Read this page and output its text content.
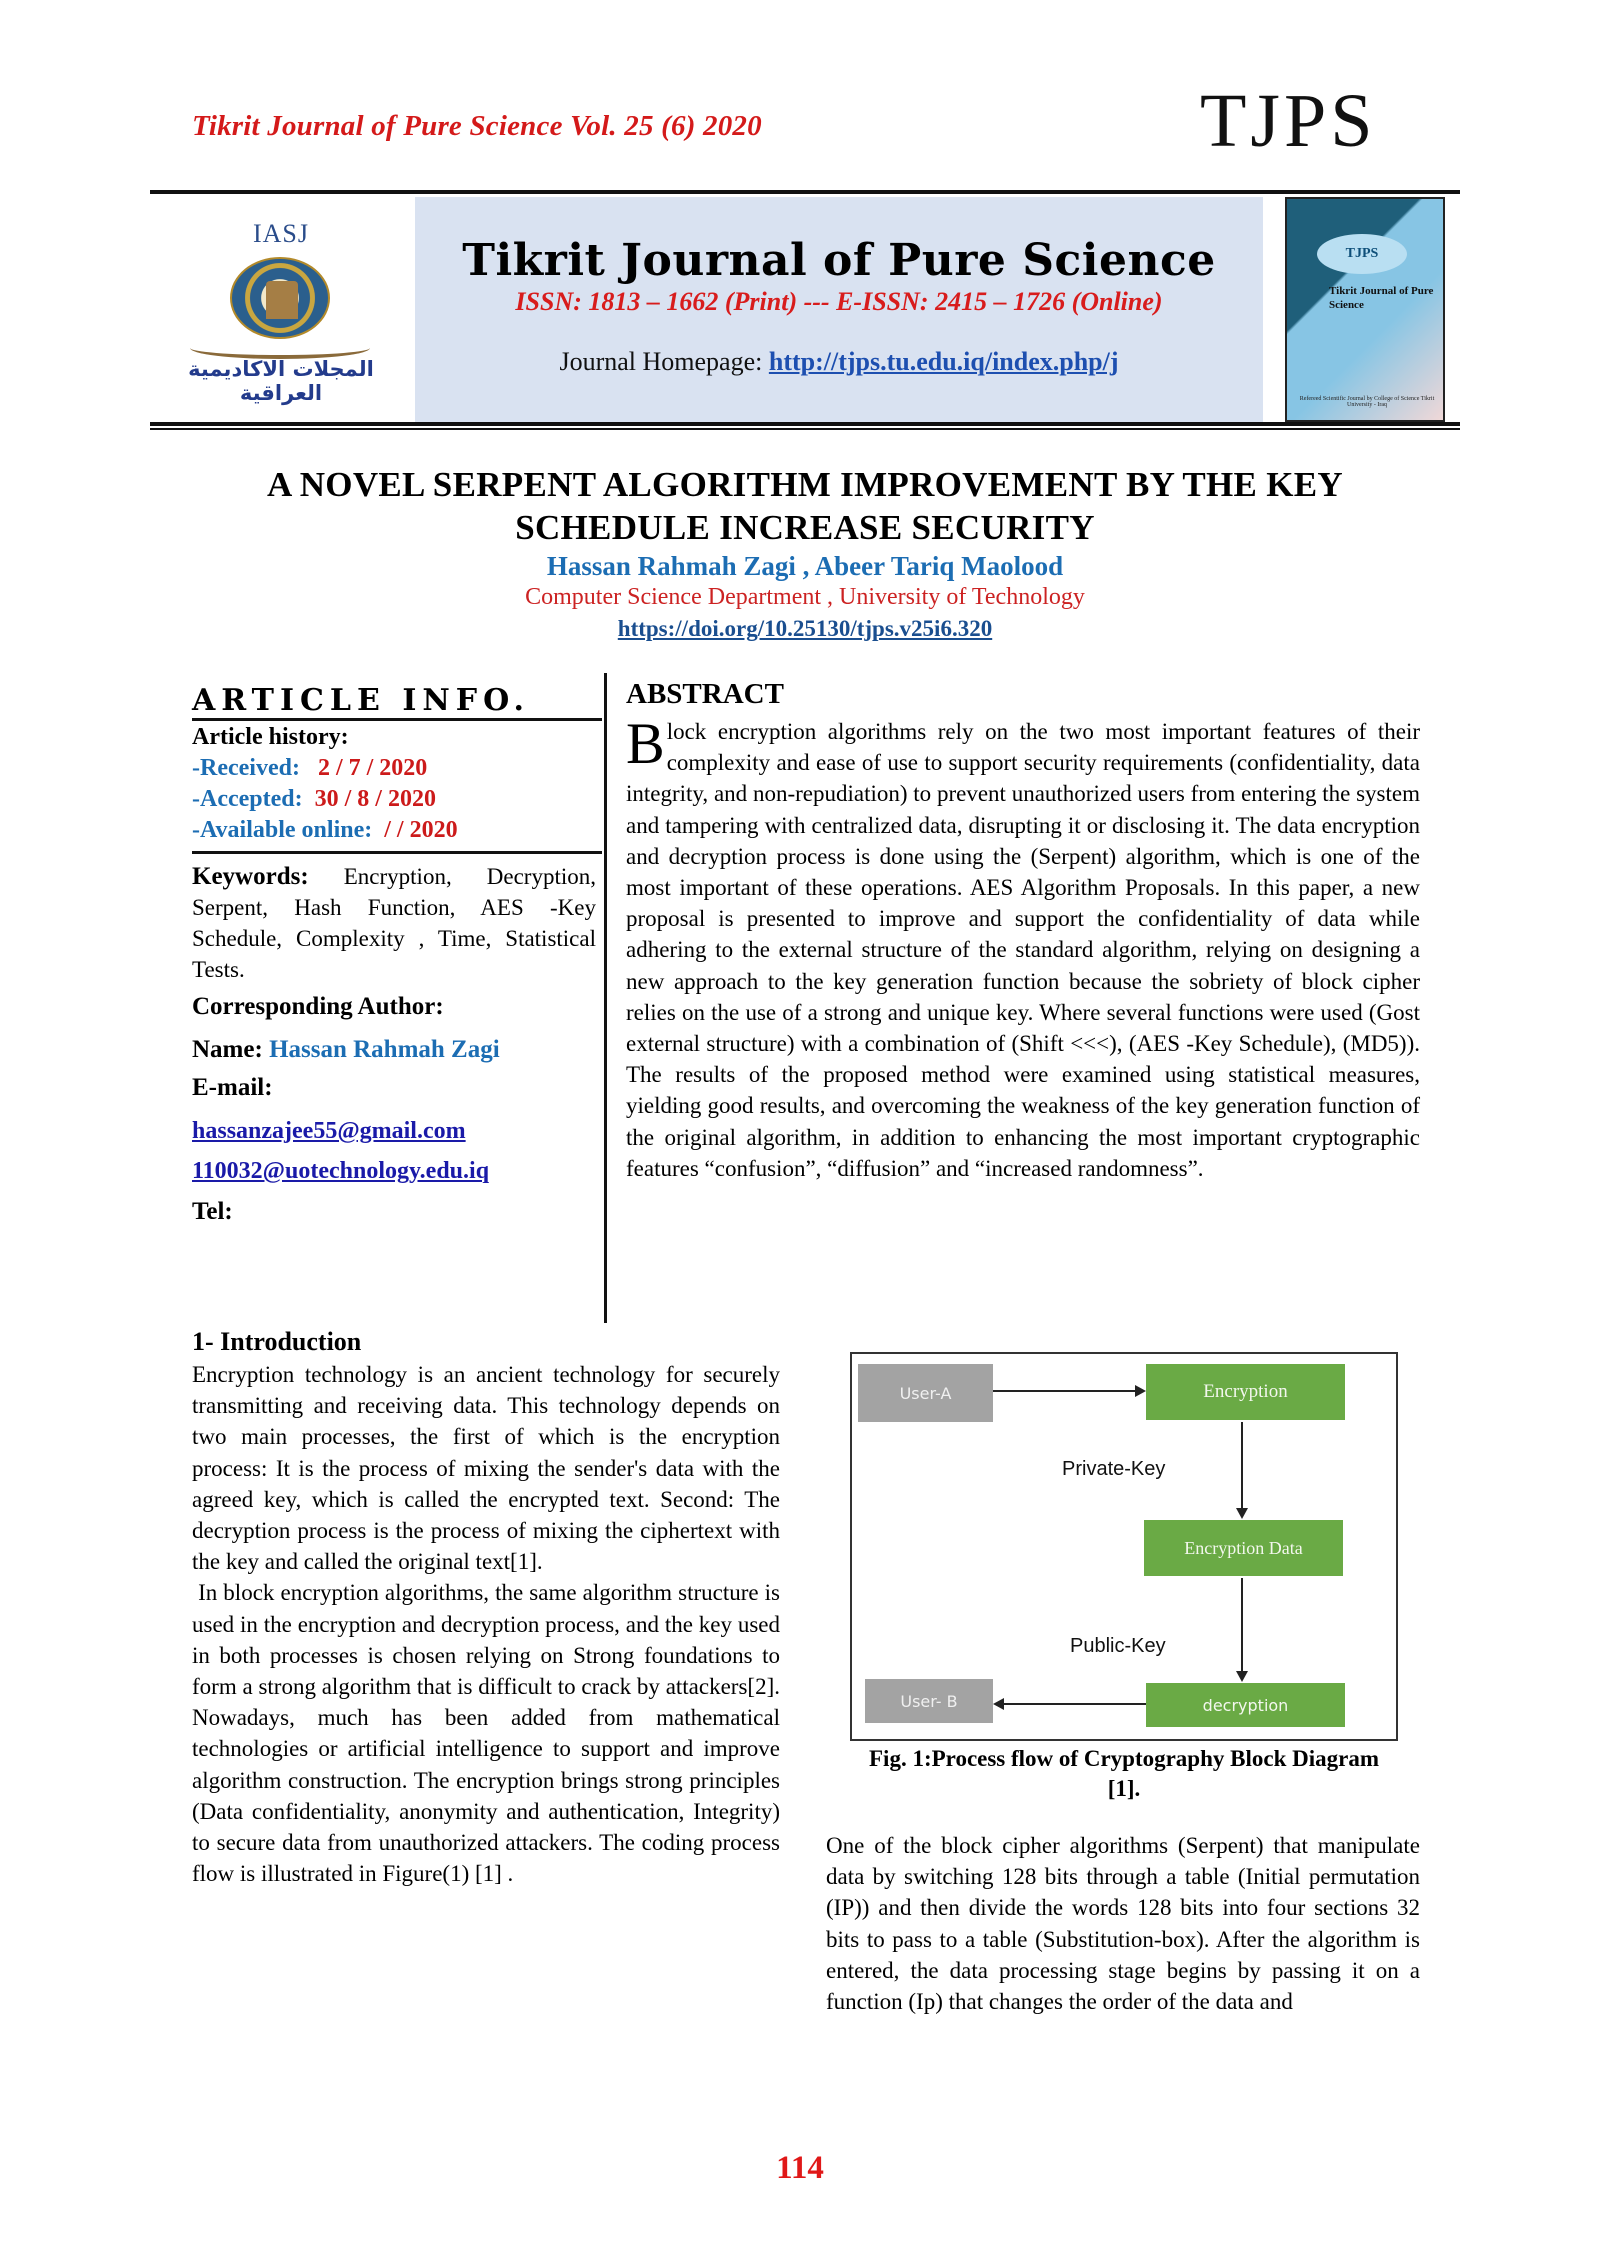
Tikrit Journal of Pure Science Vol. 25 (6) 2020	TJPS
IASJ
المجلات الاكاديمية العراقية
Tikrit Journal of Pure Science
ISSN: 1813 – 1662 (Print) --- E-ISSN: 2415 – 1726 (Online)
Journal Homepage: http://tjps.tu.edu.iq/index.php/j
TJPS
Tikrit Journal of Pure Science
Refereed Scientific Journal by College of Science Tikrit University - Iraq
A NOVEL SERPENT ALGORITHM IMPROVEMENT BY THE KEY
SCHEDULE INCREASE SECURITY
Hassan Rahmah Zagi , Abeer Tariq Maolood
Computer Science Department , University of Technology
https://doi.org/10.25130/tjps.v25i6.320
ARTICLE INFO.
Article history:
-Received: 2 / 7 / 2020
-Accepted: 30 / 8 / 2020
-Available online: / / 2020
Keywords: Encryption, Decryption, Serpent, Hash Function, AES -Key Schedule, Complexity , Time, Statistical Tests.
Corresponding Author:
Name: Hassan Rahmah Zagi
E-mail:
hassanzajee55@gmail.com
110032@uotechnology.edu.iq
Tel:
ABSTRACT
Block encryption algorithms rely on the two most important features of their complexity and ease of use to support security requirements (confidentiality, data integrity, and non-repudiation) to prevent unauthorized users from entering the system and tampering with centralized data, disrupting it or disclosing it. The data encryption and decryption process is done using the (Serpent) algorithm, which is one of the most important of these operations. AES Algorithm Proposals. In this paper, a new proposal is presented to improve and support the confidentiality of data while adhering to the external structure of the standard algorithm, relying on designing a new approach to the key generation function because the sobriety of block cipher relies on the use of a strong and unique key. Where several functions were used (Gost external structure) with a combination of (Shift <<<), (AES -Key Schedule), (MD5)). The results of the proposed method were examined using statistical measures, yielding good results, and overcoming the weakness of the key generation function of the original algorithm, in addition to enhancing the most important cryptographic features “confusion”, “diffusion” and “increased randomness”.
1- Introduction

Encryption technology is an ancient technology for securely transmitting and receiving data. This technology depends on two main processes, the first of which is the encryption process: It is the process of mixing the sender's data with the agreed key, which is called the encrypted text. Second: The decryption process is the process of mixing the ciphertext with the key and called the original text[1].

In block encryption algorithms, the same algorithm structure is used in the encryption and decryption process, and the key used in both processes is chosen relying on Strong foundations to form a strong algorithm that is difficult to crack by attackers[2]. Nowadays, much has been added from mathematical technologies or artificial intelligence to support and improve algorithm construction. The encryption brings strong principles (Data confidentiality, anonymity and authentication, Integrity) to secure data from unauthorized attackers. The coding process flow is illustrated in Figure(1) [1] .

User-A	Encryption
Encryption Data
decryption
User- B
Private-Key
Public-Key
Fig. 1:Process flow of Cryptography Block Diagram [1].
One of the block cipher algorithms (Serpent) that manipulate data by switching 128 bits through a table (Initial permutation (IP)) and then divide the words 128 bits into four sections 32 bits to pass to a table (Substitution-box). After the algorithm is entered, the data processing stage begins by passing it on a function (Ip) that changes the order of the data and
114
